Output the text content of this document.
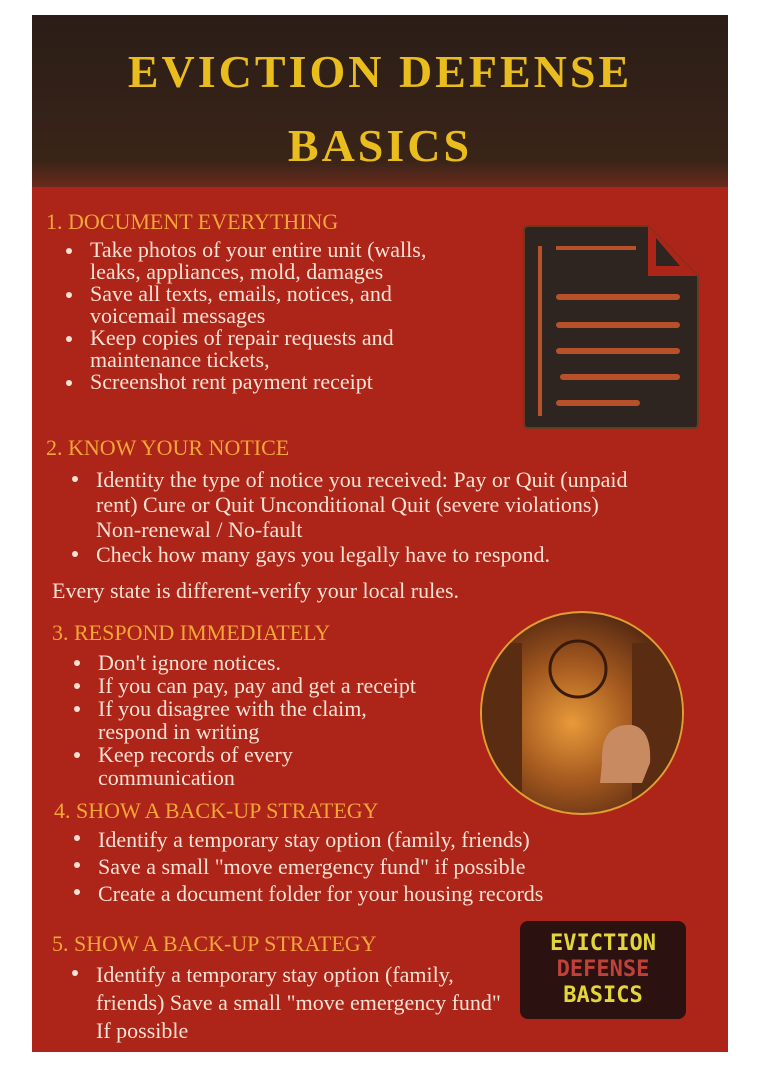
EVICTION DEFENSE
BASICS
1. DOCUMENT EVERYTHING
Take photos of your entire unit (walls, leaks, appliances, mold, damages
Save all texts, emails, notices, and voicemail messages
Keep copies of repair requests and maintenance tickets,
Screenshot rent payment receipt
2. KNOW YOUR NOTICE
Identity the type of notice you received: Pay or Quit (unpaid rent) Cure or Quit Unconditional Quit (severe violations) Non-renewal / No-fault
Check how many gays you legally have to respond.
Every state is different-verify your local rules.
3. RESPOND IMMEDIATELY
Don't ignore notices.
If you can pay, pay and get a receipt
If you disagree with the claim, respond in writing
Keep records of every communication
4. SHOW A BACK-UP STRATEGY
Identify a temporary stay option (family, friends)
Save a small "move emergency fund" if possible
Create a document folder for your housing records
5. SHOW A BACK-UP STRATEGY
Identify a temporary stay option (family, friends) Save a small "move emergency fund" If possible
EVICTION
DEFENSE
BASICS
